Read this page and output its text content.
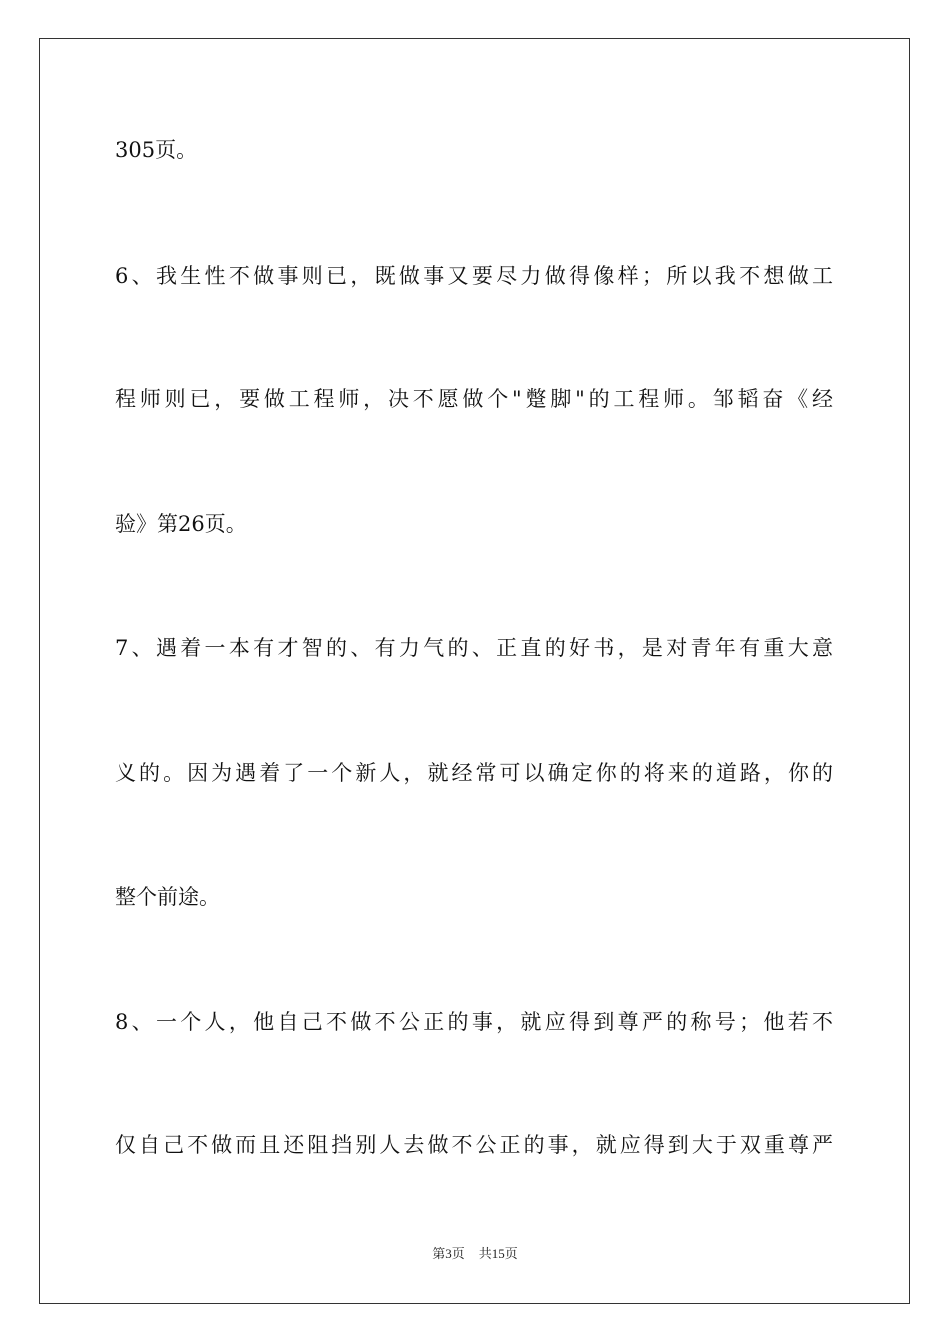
305页。
6、我生性不做事则已，既做事又要尽力做得像样；所以我不想做工
程师则已，要做工程师，决不愿做个"蹩脚"的工程师。邹韬奋《经
验》第26页。
7、遇着一本有才智的、有力气的、正直的好书，是对青年有重大意
义的。因为遇着了一个新人，就经常可以确定你的将来的道路，你的
整个前途。
8、一个人，他自己不做不公正的事，就应得到尊严的称号；他若不
仅自己不做而且还阻挡别人去做不公正的事，就应得到大于双重尊严
第3页 共15页
